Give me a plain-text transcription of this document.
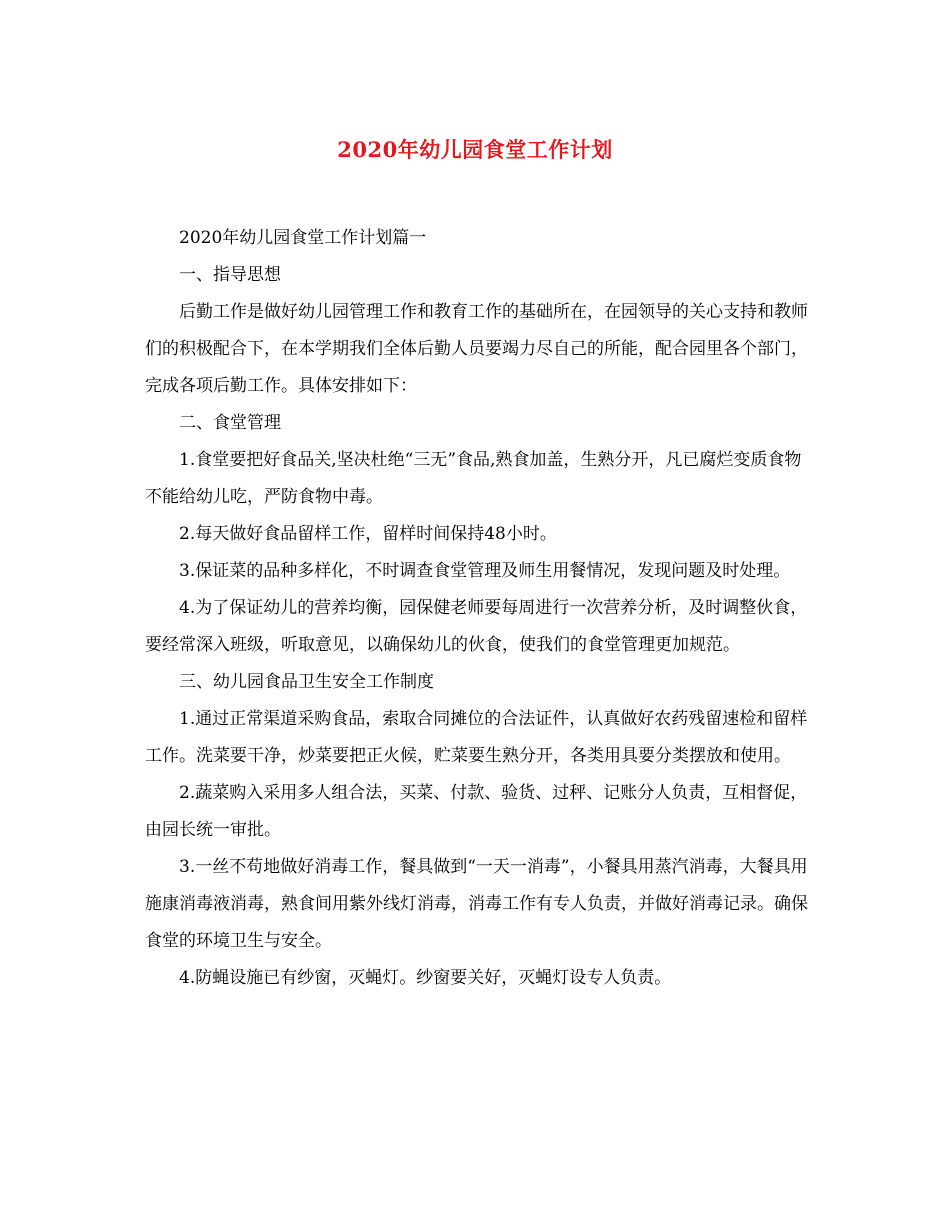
2020年幼儿园食堂工作计划

2020年幼儿园食堂工作计划篇一

一、指导思想

后勤工作是做好幼儿园管理工作和教育工作的基础所在，在园领导的关心支持和教师们的积极配合下，在本学期我们全体后勤人员要竭力尽自己的所能，配合园里各个部门，完成各项后勤工作。具体安排如下：

二、食堂管理

1.食堂要把好食品关,坚决杜绝“三无”食品,熟食加盖，生熟分开，凡已腐烂变质食物不能给幼儿吃，严防食物中毒。

2.每天做好食品留样工作，留样时间保持48小时。

3.保证菜的品种多样化，不时调查食堂管理及师生用餐情况，发现问题及时处理。

4.为了保证幼儿的营养均衡，园保健老师要每周进行一次营养分析，及时调整伙食，要经常深入班级，听取意见，以确保幼儿的伙食，使我们的食堂管理更加规范。

三、幼儿园食品卫生安全工作制度

1.通过正常渠道采购食品，索取合同摊位的合法证件，认真做好农药残留速检和留样工作。洗菜要干净，炒菜要把正火候，贮菜要生熟分开，各类用具要分类摆放和使用。

2.蔬菜购入采用多人组合法，买菜、付款、验货、过秤、记账分人负责，互相督促，由园长统一审批。

3.一丝不苟地做好消毒工作，餐具做到“一天一消毒”，小餐具用蒸汽消毒，大餐具用施康消毒液消毒，熟食间用紫外线灯消毒，消毒工作有专人负责，并做好消毒记录。确保食堂的环境卫生与安全。

4.防蝇设施已有纱窗，灭蝇灯。纱窗要关好，灭蝇灯设专人负责。
